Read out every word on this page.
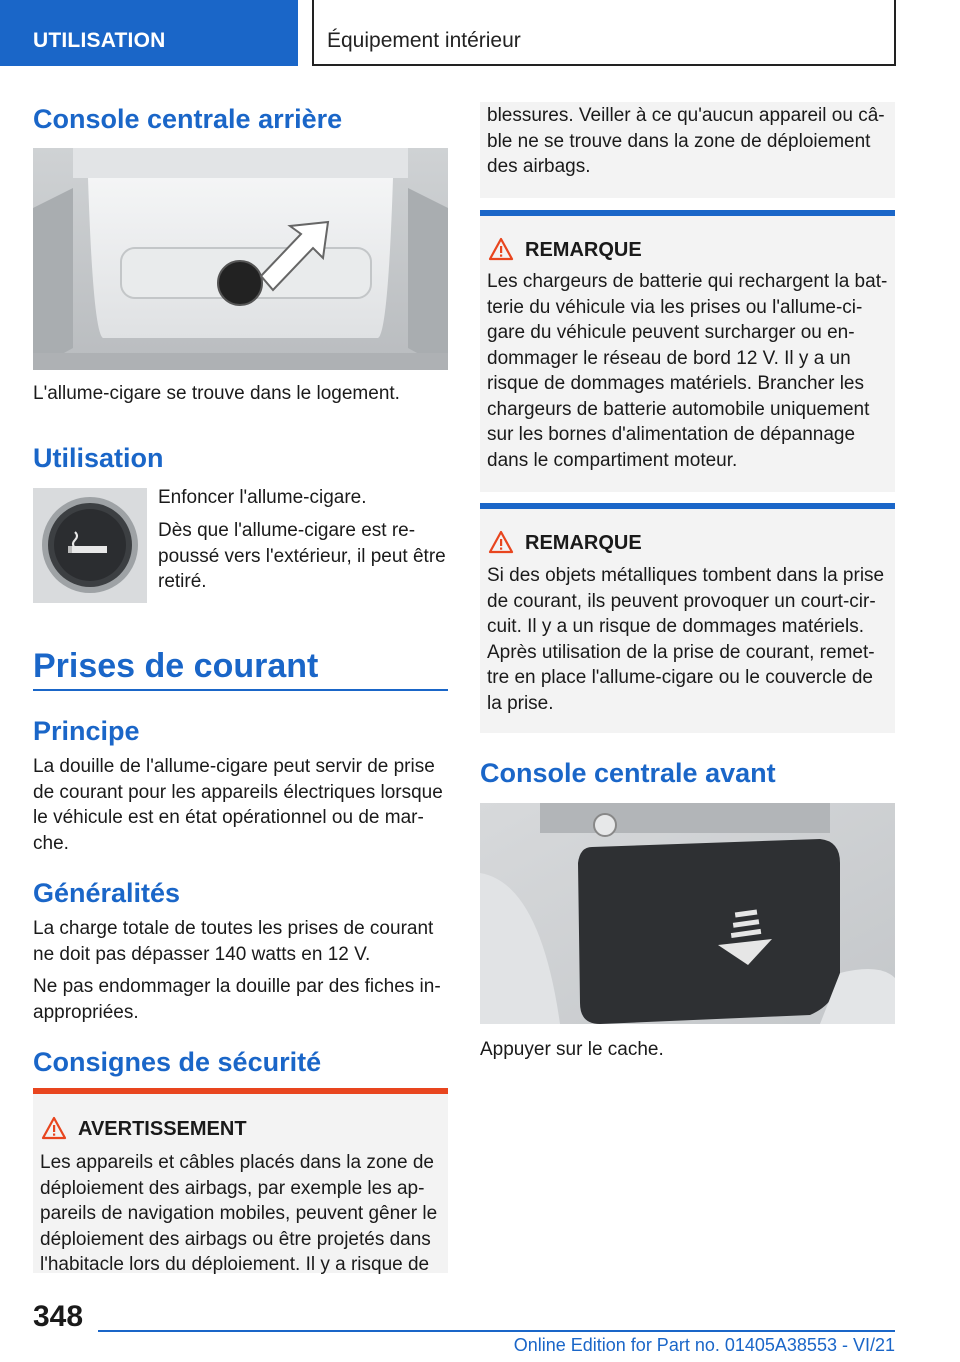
UTILISATION	Équipement intérieur
Console centrale arrière
L'allume-cigare se trouve dans le logement.
Utilisation
Enfoncer l'allume-cigare.
Dès que l'allume-cigare est re-
poussé vers l'extérieur, il peut être
retiré.
Prises de courant
Principe
La douille de l'allume-cigare peut servir de prise
de courant pour les appareils électriques lorsque
le véhicule est en état opérationnel ou de mar-
che.
Généralités
La charge totale de toutes les prises de courant
ne doit pas dépasser 140 watts en 12 V.
Ne pas endommager la douille par des fiches in-
appropriées.
Consignes de sécurité
AVERTISSEMENT
Les appareils et câbles placés dans la zone de
déploiement des airbags, par exemple les ap-
pareils de navigation mobiles, peuvent gêner le
déploiement des airbags ou être projetés dans
l'habitacle lors du déploiement. Il y a risque de
blessures. Veiller à ce qu'aucun appareil ou câ-
ble ne se trouve dans la zone de déploiement
des airbags.
REMARQUE
Les chargeurs de batterie qui rechargent la bat-
terie du véhicule via les prises ou l'allume-ci-
gare du véhicule peuvent surcharger ou en-
dommager le réseau de bord 12 V. Il y a un
risque de dommages matériels. Brancher les
chargeurs de batterie automobile uniquement
sur les bornes d'alimentation de dépannage
dans le compartiment moteur.
REMARQUE
Si des objets métalliques tombent dans la prise
de courant, ils peuvent provoquer un court-cir-
cuit. Il y a un risque de dommages matériels.
Après utilisation de la prise de courant, remet-
tre en place l'allume-cigare ou le couvercle de
la prise.
Console centrale avant
Appuyer sur le cache.
348
Online Edition for Part no. 01405A38553 - VI/21
